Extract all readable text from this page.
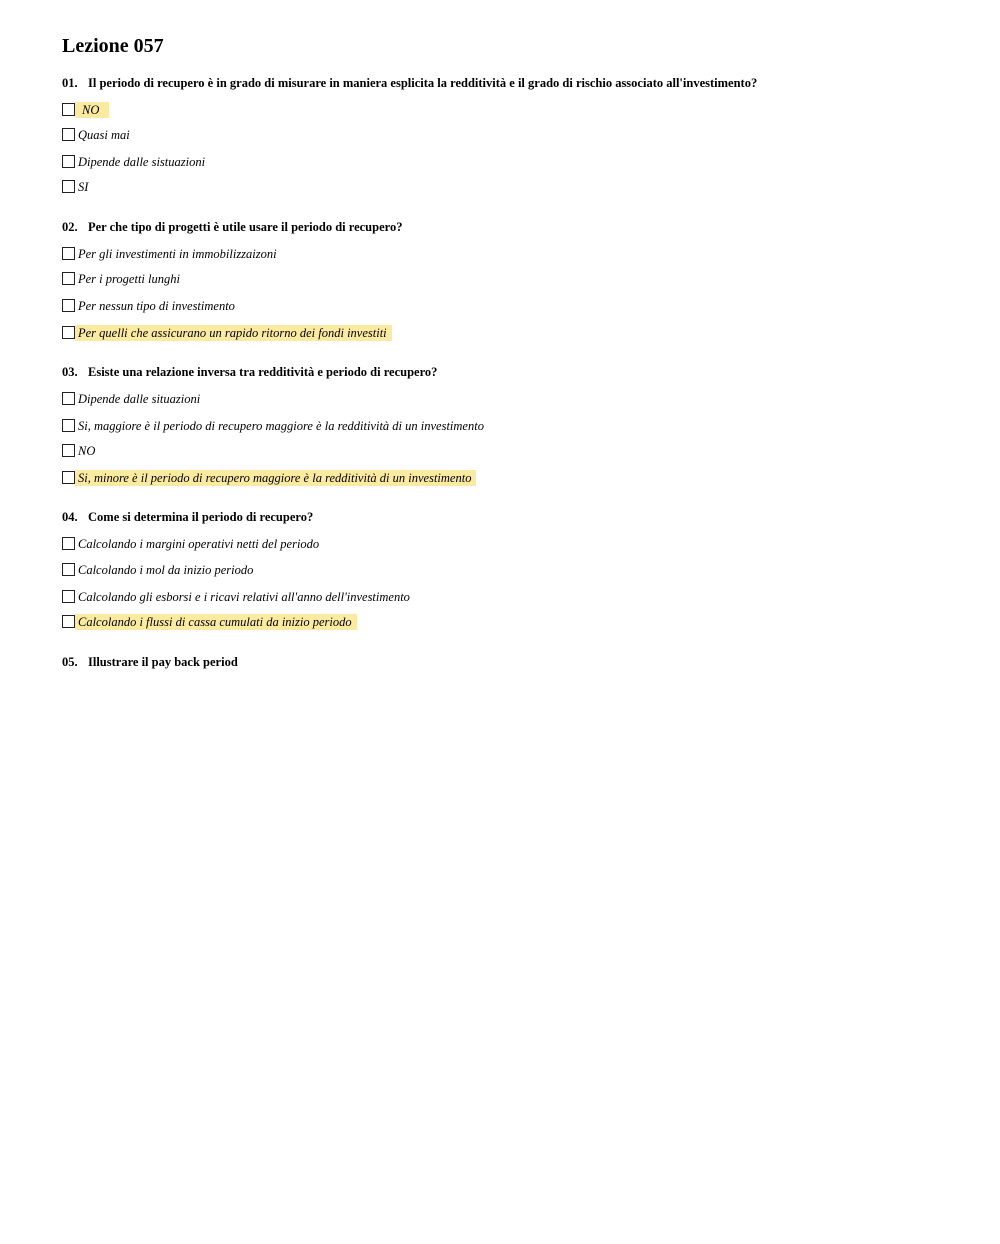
Lezione 057
01. Il periodo di recupero è in grado di misurare in maniera esplicita la redditività e il grado di rischio associato all'investimento?
NO
Quasi mai
Dipende dalle sistuazioni
SI
02. Per che tipo di progetti è utile usare il periodo di recupero?
Per gli investimenti in immobilizzaizoni
Per i progetti lunghi
Per nessun tipo di investimento
Per quelli che assicurano un rapido ritorno dei fondi investiti
03. Esiste una relazione inversa tra redditività e periodo di recupero?
Dipende dalle situazioni
Si, maggiore è il periodo di recupero maggiore è la redditività di un investimento
NO
Si, minore è il periodo di recupero maggiore è la redditività di un investimento
04. Come si determina il periodo di recupero?
Calcolando i margini operativi netti del periodo
Calcolando i mol da inizio periodo
Calcolando gli esborsi e i ricavi relativi all'anno dell'investimento
Calcolando i flussi di cassa cumulati da inizio periodo
05. Illustrare il pay back period
